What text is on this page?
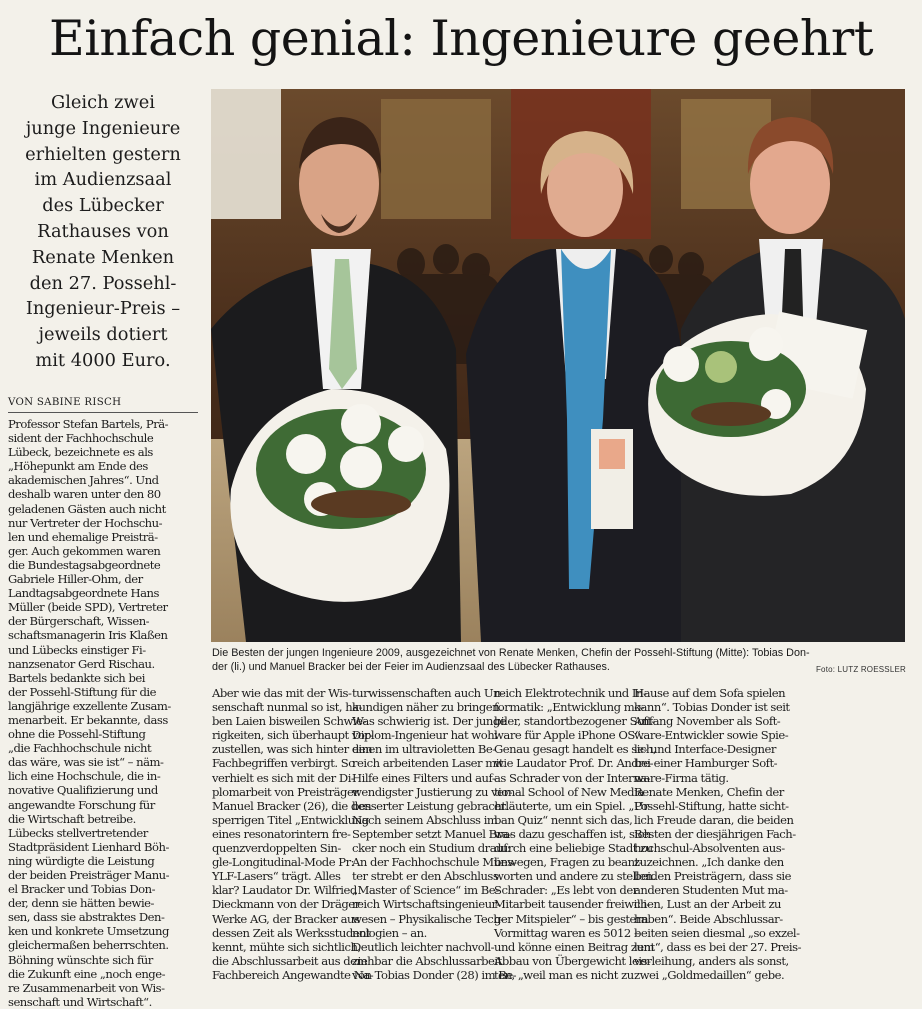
Einfach genial: Ingenieure geehrt
Gleich zwei
junge Ingenieure
erhielten gestern
im Audienzsaal
des Lübecker
Rathauses von
Renate Menken
den 27. Possehl-
Ingenieur-Preis –
jeweils dotiert
mit 4000 Euro.
VON SABINE RISCH
Professor Stefan Bartels, Prä-
sident der Fachhochschule
Lübeck, bezeichnete es als
„Höhepunkt am Ende des
akademischen Jahres“. Und
deshalb waren unter den 80
geladenen Gästen auch nicht
nur Vertreter der Hochschu-
len und ehemalige Preisträ-
ger. Auch gekommen waren
die Bundestagsabgeordnete
Gabriele Hiller-Ohm, der
Landtagsabgeordnete Hans
Müller (beide SPD), Vertreter
der Bürgerschaft, Wissen-
schaftsmanagerin Iris Klaßen
und Lübecks einstiger Fi-
nanzsenator Gerd Rischau.
Bartels bedankte sich bei
der Possehl-Stiftung für die
langjährige exzellente Zusam-
menarbeit. Er bekannte, dass
ohne die Possehl-Stiftung
„die Fachhochschule nicht
das wäre, was sie ist“ – näm-
lich eine Hochschule, die in-
novative Qualifizierung und
angewandte Forschung für
die Wirtschaft betreibe.
Lübecks stellvertretender
Stadtpräsident Lienhard Böh-
ning würdigte die Leistung
der beiden Preisträger Manu-
el Bracker und Tobias Don-
der, denn sie hätten bewie-
sen, dass sie abstraktes Den-
ken und konkrete Umsetzung
gleichermaßen beherrschten.
Böhning wünschte sich für
die Zukunft eine „noch enge-
re Zusammenarbeit von Wis-
senschaft und Wirtschaft“.
Die Besten der jungen Ingenieure 2009, ausgezeichnet von Renate Menken, Chefin der Possehl-Stiftung (Mitte): Tobias Don-
der (li.) und Manuel Bracker bei der Feier im Audienzsaal des Lübecker Rathauses.	Foto: LUTZ ROESSLER
Aber wie das mit der Wis-
senschaft nunmal so ist, ha-
ben Laien bisweilen Schwie-
rigkeiten, sich überhaupt vor-
zustellen, was sich hinter den
Fachbegriffen verbirgt. So
verhielt es sich mit der Di-
plomarbeit von Preisträger
Manuel Bracker (26), die den
sperrigen Titel „Entwicklung
eines resonatorintern fre-
quenzverdoppelten Sin-
gle-Longitudinal-Mode Pr:
YLF-Lasers“ trägt. Alles
klar? Laudator Dr. Wilfried
Dieckmann von der Dräger
Werke AG, der Bracker aus
dessen Zeit als Werksstudent
kennt, mühte sich sichtlich,
die Abschlussarbeit aus dem
Fachbereich Angewandte Na-
turwissenschaften auch Un-
kundigen näher zu bringen.
Was schwierig ist. Der junge
Diplom-Ingenieur hat wohl
einen im ultravioletten Be-
reich arbeitenden Laser mit
Hilfe eines Filters und auf-
wendigster Justierung zu ver-
besserter Leistung gebracht.
Nach seinem Abschluss im
September setzt Manuel Bra-
cker noch ein Studium drauf:
An der Fachhochschule Müns-
ter strebt er den Abschluss
„Master of Science“ im Be-
reich Wirtschaftsingenieur-
wesen – Physikalische Tech-
nologien – an.
Deutlich leichter nachvoll-
ziehbar die Abschlussarbeit
von Tobias Donder (28) im Be-
reich Elektrotechnik und In-
formatik: „Entwicklung mo-
biler, standortbezogener Soft-
ware für Apple iPhone OS“.
Genau gesagt handelt es sich,
wie Laudator Prof. Dr. Andre-
as Schrader von der Interna-
tional School of New Media
erläuterte, um ein Spiel. „Ur-
ban Quiz“ nennt sich das,
was dazu geschaffen ist, sich
durch eine beliebige Stadt zu
bewegen, Fragen zu beant-
worten und andere zu stellen.
Schrader: „Es lebt von der
Mitarbeit tausender freiwilli-
ger Mitspieler“ – bis gestern
Vormittag waren es 5012 –
und könne einen Beitrag zum
Abbau von Übergewicht leis-
ten, „weil man es nicht zu
Hause auf dem Sofa spielen
kann“. Tobias Donder ist seit
Anfang November als Soft-
ware-Entwickler sowie Spie-
le- und Interface-Designer
bei einer Hamburger Soft-
ware-Firma tätig.
Renate Menken, Chefin der
Possehl-Stiftung, hatte sicht-
lich Freude daran, die beiden
Besten der diesjährigen Fach-
hochschul-Absolventen aus-
zuzeichnen. „Ich danke den
beiden Preisträgern, dass sie
anderen Studenten Mut ma-
chen, Lust an der Arbeit zu
haben“. Beide Abschlussar-
beiten seien diesmal „so exzel-
lent“, dass es bei der 27. Preis-
verleihung, anders als sonst,
zwei „Goldmedaillen“ gebe.
